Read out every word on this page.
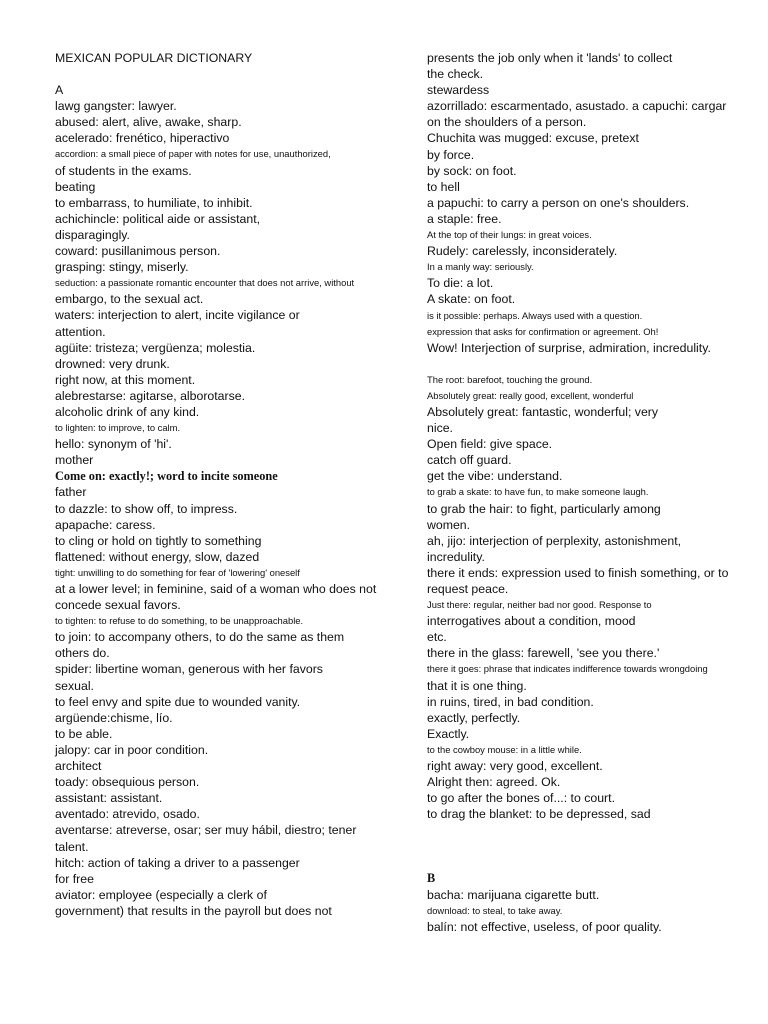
MEXICAN POPULAR DICTIONARY
A
lawg gangster: lawyer.
abused: alert, alive, awake, sharp.
acelerado: frenético, hiperactivo
accordion: a small piece of paper with notes for use, unauthorized,
of students in the exams.
beating
to embarrass, to humiliate, to inhibit.
achichincle: political aide or assistant,
disparagingly.
coward: pusillanimous person.
grasping: stingy, miserly.
seduction: a passionate romantic encounter that does not arrive, without
embargo, to the sexual act.
waters: interjection to alert, incite vigilance or
attention.
agüite: tristeza; vergüenza; molestia.
drowned: very drunk.
right now, at this moment.
alebrestarse: agitarse, alborotarse.
alcoholic drink of any kind.
to lighten: to improve, to calm.
hello: synonym of 'hi'.
mother
Come on: exactly!; word to incite someone
father
to dazzle: to show off, to impress.
apapache: caress.
to cling or hold on tightly to something
flattened: without energy, slow, dazed
tight: unwilling to do something for fear of 'lowering' oneself
at a lower level; in feminine, said of a woman who does not
concede sexual favors.
to tighten: to refuse to do something, to be unapproachable.
to join: to accompany others, to do the same as them
others do.
spider: libertine woman, generous with her favors
sexual.
to feel envy and spite due to wounded vanity.
argüende:chisme, lío.
to be able.
jalopy: car in poor condition.
architect
toady: obsequious person.
assistant: assistant.
aventado: atrevido, osado.
aventarse: atreverse, osar; ser muy hábil, diestro; tener
talent.
hitch: action of taking a driver to a passenger
for free
aviator: employee (especially a clerk of
government) that results in the payroll but does not
presents the job only when it 'lands' to collect
the check.
stewardess
azorrillado: escarmentado, asustado. a capuchi: cargar
on the shoulders of a person.
Chuchita was mugged: excuse, pretext
by force.
by sock: on foot.
to hell
a papuchi: to carry a person on one's shoulders.
a staple: free.
At the top of their lungs: in great voices.
Rudely: carelessly, inconsiderately.
In a manly way: seriously.
To die: a lot.
A skate: on foot.
is it possible: perhaps. Always used with a question.
expression that asks for confirmation or agreement. Oh!
Wow! Interjection of surprise, admiration, incredulity.
The root: barefoot, touching the ground.
Absolutely great: really good, excellent, wonderful
Absolutely great: fantastic, wonderful; very
nice.
Open field: give space.
catch off guard.
get the vibe: understand.
to grab a skate: to have fun, to make someone laugh.
to grab the hair: to fight, particularly among
women.
ah, jijo: interjection of perplexity, astonishment,
incredulity.
there it ends: expression used to finish something, or to
request peace.
Just there: regular, neither bad nor good. Response to
interrogatives about a condition, mood
etc.
there in the glass: farewell, 'see you there.'
there it goes: phrase that indicates indifference towards wrongdoing
that it is one thing.
in ruins, tired, in bad condition.
exactly, perfectly.
Exactly.
to the cowboy mouse: in a little while.
right away: very good, excellent.
Alright then: agreed. Ok.
to go after the bones of...: to court.
to drag the blanket: to be depressed, sad
B
bacha: marijuana cigarette butt.
download: to steal, to take away.
balín: not effective, useless, of poor quality.
